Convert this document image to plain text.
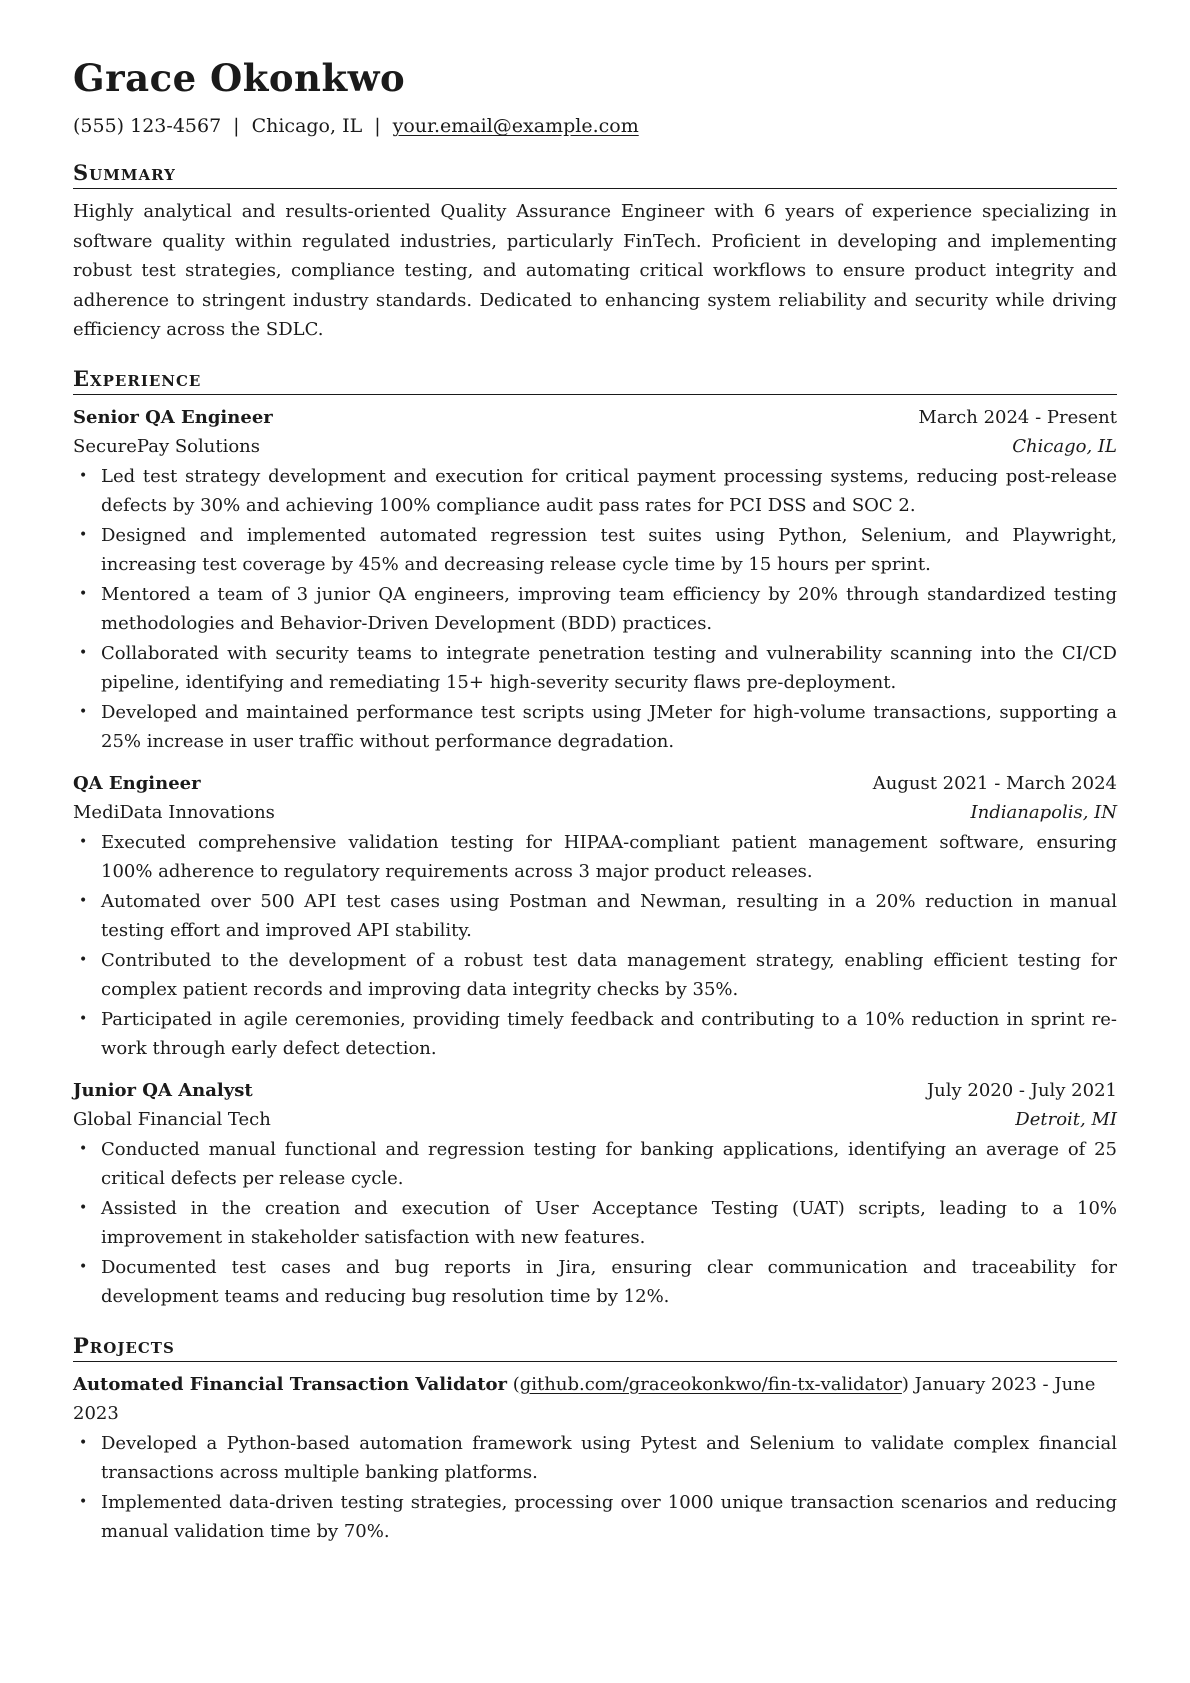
Grace Okonkwo
(555) 123-4567 | Chicago, IL | your.email@example.com
Summary

Highly analytical and results-oriented Quality Assurance Engineer with 6 years of experience specializing in software quality within regulated industries, particularly FinTech. Proficient in developing and implementing robust test strategies, compliance testing, and automating critical workflows to ensure product integrity and adherence to stringent industry standards. Dedicated to enhancing system reliability and security while driving efficiency across the SDLC.

Experience
Senior QA Engineer	March 2024 - Present
SecurePay Solutions	Chicago, IL
• Led test strategy development and execution for critical payment processing systems, reducing post-release defects by 30% and achieving 100% compliance audit pass rates for PCI DSS and SOC 2.
• Designed and implemented automated regression test suites using Python, Selenium, and Playwright, increasing test coverage by 45% and decreasing release cycle time by 15 hours per sprint.
• Mentored a team of 3 junior QA engineers, improving team efficiency by 20% through standardized testing methodologies and Behavior-Driven Development (BDD) practices.
• Collaborated with security teams to integrate penetration testing and vulnerability scanning into the CI/CD pipeline, identifying and remediating 15+ high-severity security flaws pre-deployment.
• Developed and maintained performance test scripts using JMeter for high-volume transactions, supporting a 25% increase in user traffic without performance degradation.
QA Engineer	August 2021 - March 2024
MediData Innovations	Indianapolis, IN
• Executed comprehensive validation testing for HIPAA-compliant patient management software, ensuring 100% adherence to regulatory requirements across 3 major product releases.
• Automated over 500 API test cases using Postman and Newman, resulting in a 20% reduction in manual testing effort and improved API stability.
• Contributed to the development of a robust test data management strategy, enabling efficient testing for complex patient records and improving data integrity checks by 35%.
• Participated in agile ceremonies, providing timely feedback and contributing to a 10% reduction in sprint re-work through early defect detection.
Junior QA Analyst	July 2020 - July 2021
Global Financial Tech	Detroit, MI
• Conducted manual functional and regression testing for banking applications, identifying an average of 25 critical defects per release cycle.
• Assisted in the creation and execution of User Acceptance Testing (UAT) scripts, leading to a 10% improvement in stakeholder satisfaction with new features.
• Documented test cases and bug reports in Jira, ensuring clear communication and traceability for development teams and reducing bug resolution time by 12%.
Projects
Automated Financial Transaction Validator (github.com/graceokonkwo/fin-tx-validator) January 2023 - June 2023
• Developed a Python-based automation framework using Pytest and Selenium to validate complex financial transactions across multiple banking platforms.
• Implemented data-driven testing strategies, processing over 1000 unique transaction scenarios and reducing manual validation time by 70%.
